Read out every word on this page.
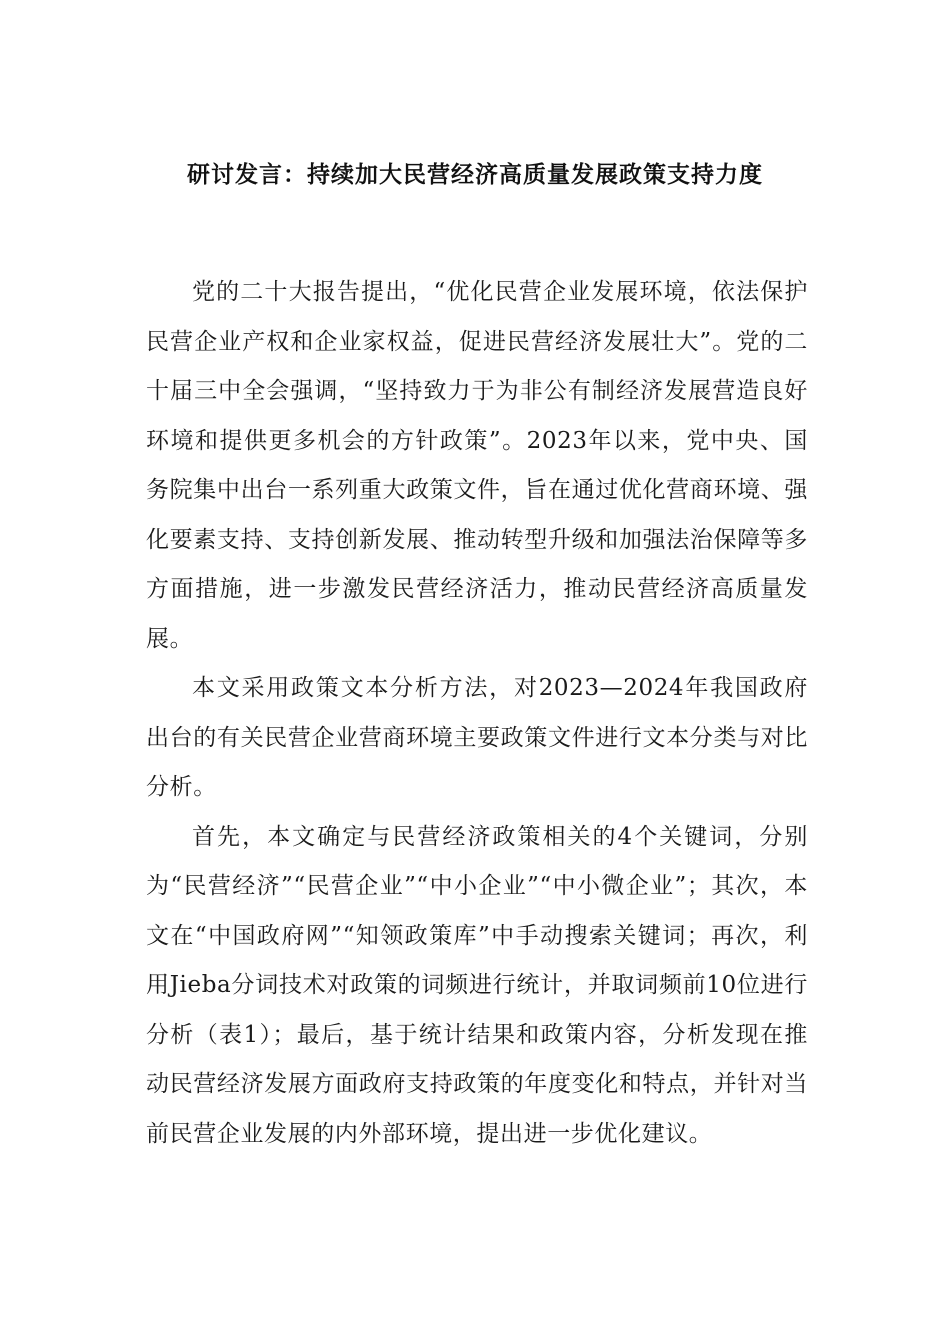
研讨发言：持续加大民营经济高质量发展政策支持力度

党的二十大报告提出，“优化民营企业发展环境，依法保护民营企业产权和企业家权益，促进民营经济发展壮大”。党的二十届三中全会强调，“坚持致力于为非公有制经济发展营造良好环境和提供更多机会的方针政策”。2023年以来，党中央、国务院集中出台一系列重大政策文件，旨在通过优化营商环境、强化要素支持、支持创新发展、推动转型升级和加强法治保障等多方面措施，进一步激发民营经济活力，推动民营经济高质量发展。

本文采用政策文本分析方法，对2023—2024年我国政府出台的有关民营企业营商环境主要政策文件进行文本分类与对比分析。

首先，本文确定与民营经济政策相关的4个关键词，分别为“民营经济”“民营企业”“中小企业”“中小微企业”；其次，本文在“中国政府网”“知领政策库”中手动搜索关键词；再次，利用Jieba分词技术对政策的词频进行统计，并取词频前10位进行分析（表1）；最后，基于统计结果和政策内容，分析发现在推动民营经济发展方面政府支持政策的年度变化和特点，并针对当前民营企业发展的内外部环境，提出进一步优化建议。
